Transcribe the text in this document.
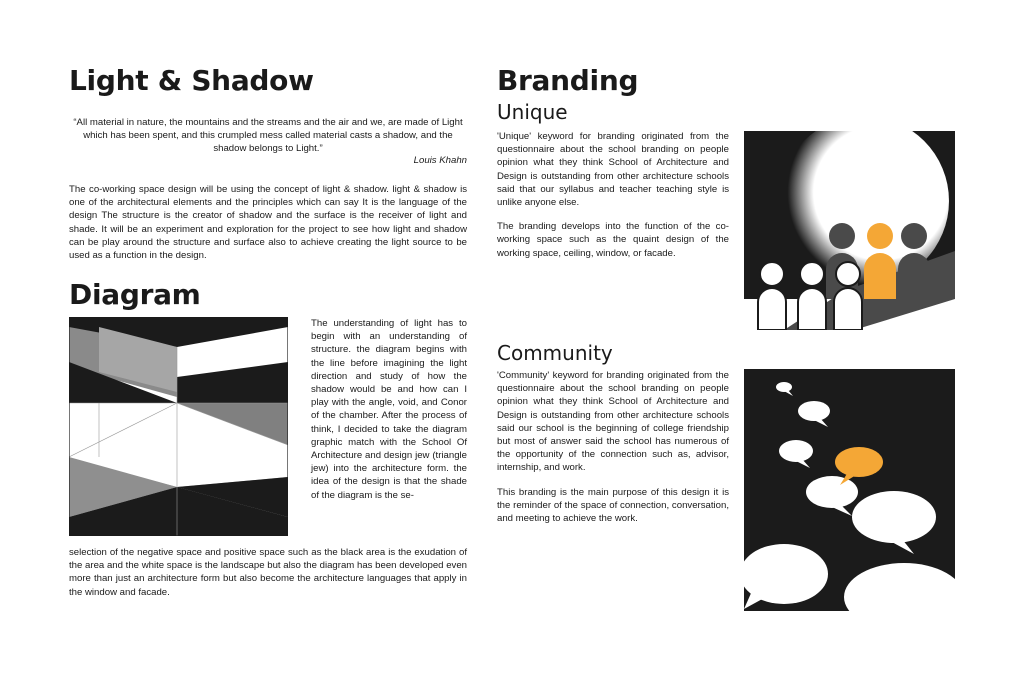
Light & Shadow
“All material in nature, the mountains and the streams and the air and we, are made of Light which has been spent, and this crumpled mess called material casts a shadow, and the shadow belongs to Light.”
Louis Khahn
The co-working space design will be using the concept of light & shadow. light & shadow is one of the architectural elements and the principles which can say It is the language of the design The structure is the creator of shadow and the surface is the receiver of light and shade. It will be an experiment and exploration for the project to see how light and shadow can be play around the structure and surface also to achieve creating the light source to be used as a function in the design.
Diagram
The understanding of light has to begin with an understanding of structure. the diagram begins with the line before imagining the light direction and study of how the shadow would be and how can I play with the angle, void, and Conor of the chamber. After the process of think, I decided to take the diagram graphic match with the School Of Architecture and design jew (triangle jew) into the architecture form. the idea of the design is that the shade of the diagram is the se-
selection of the negative space and positive space such as the black area is the exudation of the area and the white space is the landscape but also the diagram has been developed even more than just an architecture form but also become the architecture languages that apply in the window and facade.
Branding
Unique

'Unique' keyword for branding originated from the questionnaire about the school branding on people opinion what they think School of Architecture and Design is outstanding from other architecture schools said that our syllabus and teacher teaching style is unlike anyone else.

The branding develops into the function of the co-working space such as the quaint design of the working space, ceiling, window, or facade.

Community

'Community' keyword for branding originated from the questionnaire about the school branding on people opinion what they think School of Architecture and Design is outstanding from other architecture schools said our school is the beginning of college friendship but most of answer said the school has numerous of the opportunity of the connection such as, advisor, internship, and work.

This branding is the main purpose of this design it is the reminder of the space of connection, conversation, and meeting to achieve the work.
